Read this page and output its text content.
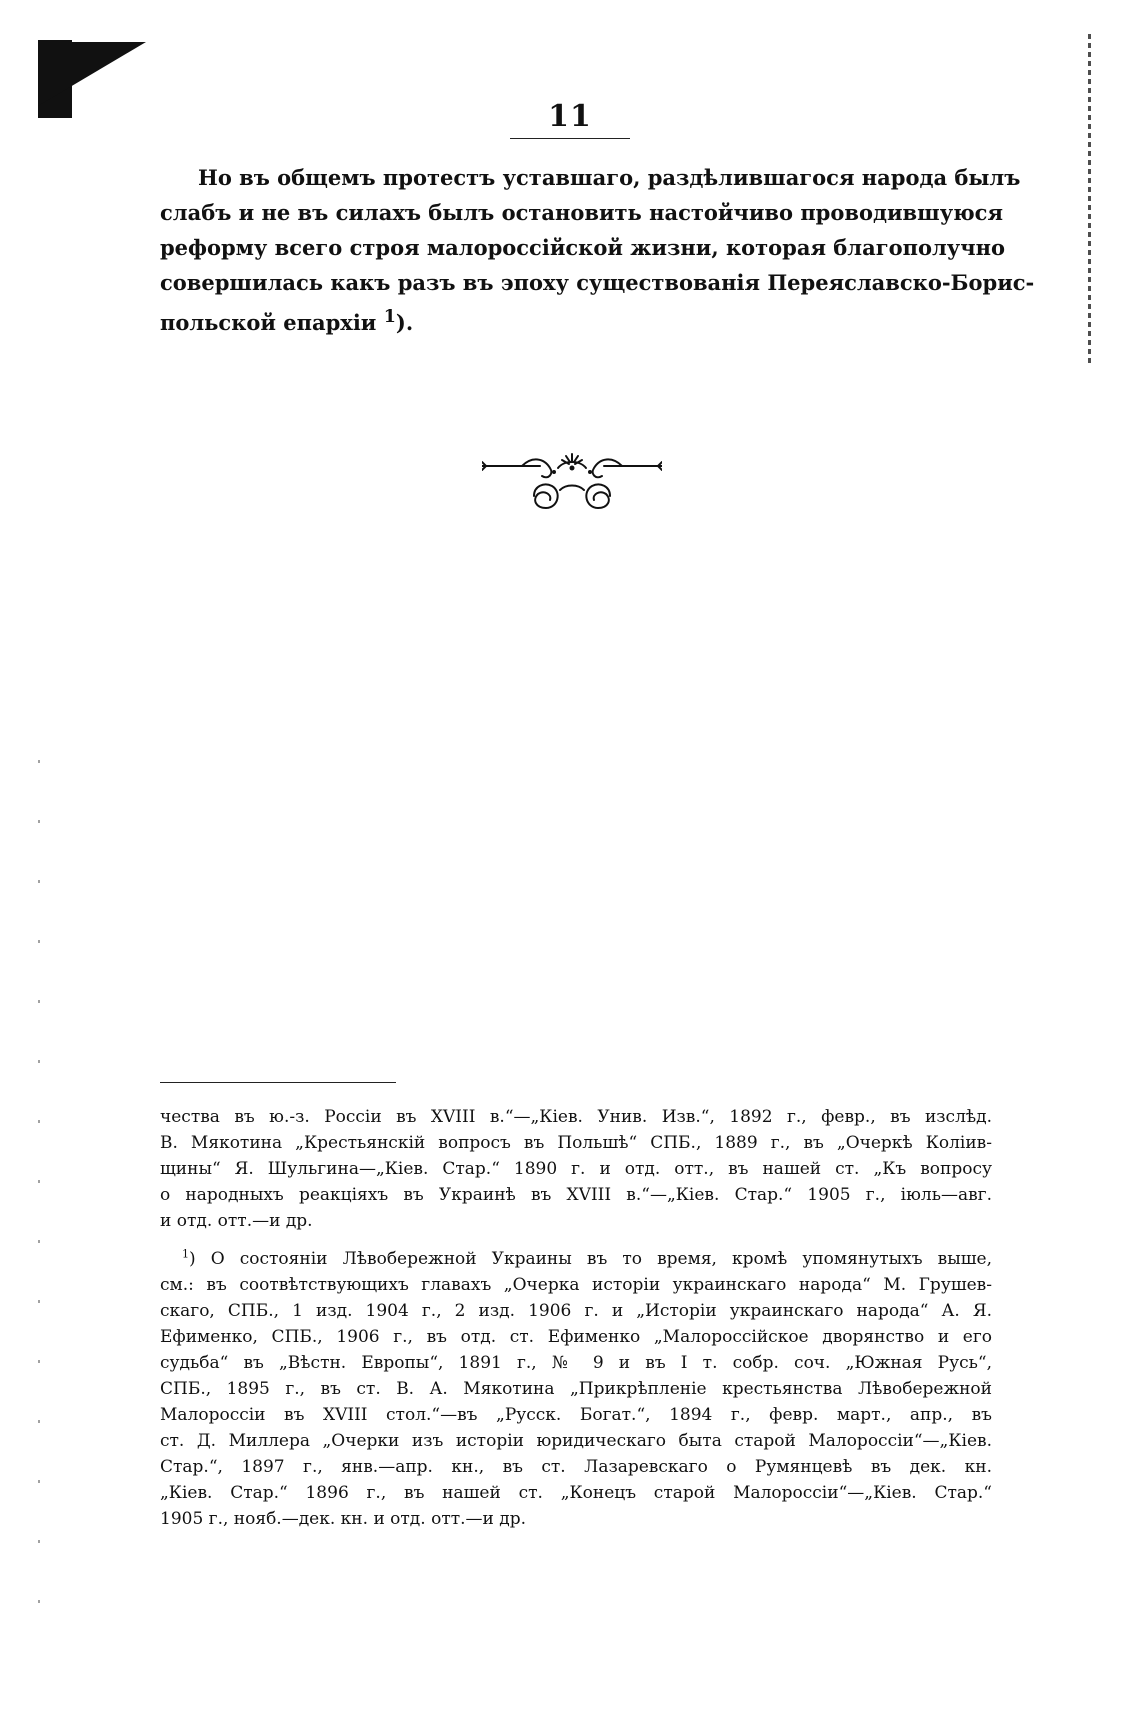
11
Но въ общемъ протестъ уставшаго, раздѣлившагося народа былъ
слабъ и не въ силахъ былъ остановить настойчиво проводившуюся
реформу всего строя малороссійской жизни, которая благополучно
совершилась какъ разъ въ эпоху существованія Переяславско-Борис-
польской епархіи $^1$).
чества въ ю.-з. Россіи въ XVIII в.“—„Кіев. Унив. Изв.“, 1892 г., февр., въ изслѣд.
В. Мякотина „Крестьянскій вопросъ въ Польшѣ“ СПБ., 1889 г., въ „Очеркѣ Коліив-
щины“ Я. Шульгина—„Кіев. Стар.“ 1890 г. и отд. отт., въ нашей ст. „Къ вопросу
о народныхъ реакціяхъ въ Украинѣ въ XVIII в.“—„Кіев. Стар.“ 1905 г., іюль—авг.
и отд. отт.—и др.
$^1$) О состояніи Лѣвобережной Украины въ то время, кромѣ упомянутыхъ выше,
см.: въ соотвѣтствующихъ главахъ „Очерка исторіи украинскаго народа“ М. Грушев-
скаго, СПБ., 1 изд. 1904 г., 2 изд. 1906 г. и „Исторіи украинскаго народа“ А. Я.
Ефименко, СПБ., 1906 г., въ отд. ст. Ефименко „Малороссійское дворянство и его
судьба“ въ „Вѣстн. Европы“, 1891 г., № 9 и въ I т. собр. соч. „Южная Русь“,
СПБ., 1895 г., въ ст. В. А. Мякотина „Прикрѣпленіе крестьянства Лѣвобережной
Малороссіи въ XVIII стол.“—въ „Русск. Богат.“, 1894 г., февр. март., апр., въ
ст. Д. Миллера „Очерки изъ исторіи юридическаго быта старой Малороссіи“—„Кіев.
Стар.“, 1897 г., янв.—апр. кн., въ ст. Лазаревскаго о Румянцевѣ въ дек. кн.
„Кіев. Стар.“ 1896 г., въ нашей ст. „Конецъ старой Малороссіи“—„Кіев. Стар.“
1905 г., нояб.—дек. кн. и отд. отт.—и др.
